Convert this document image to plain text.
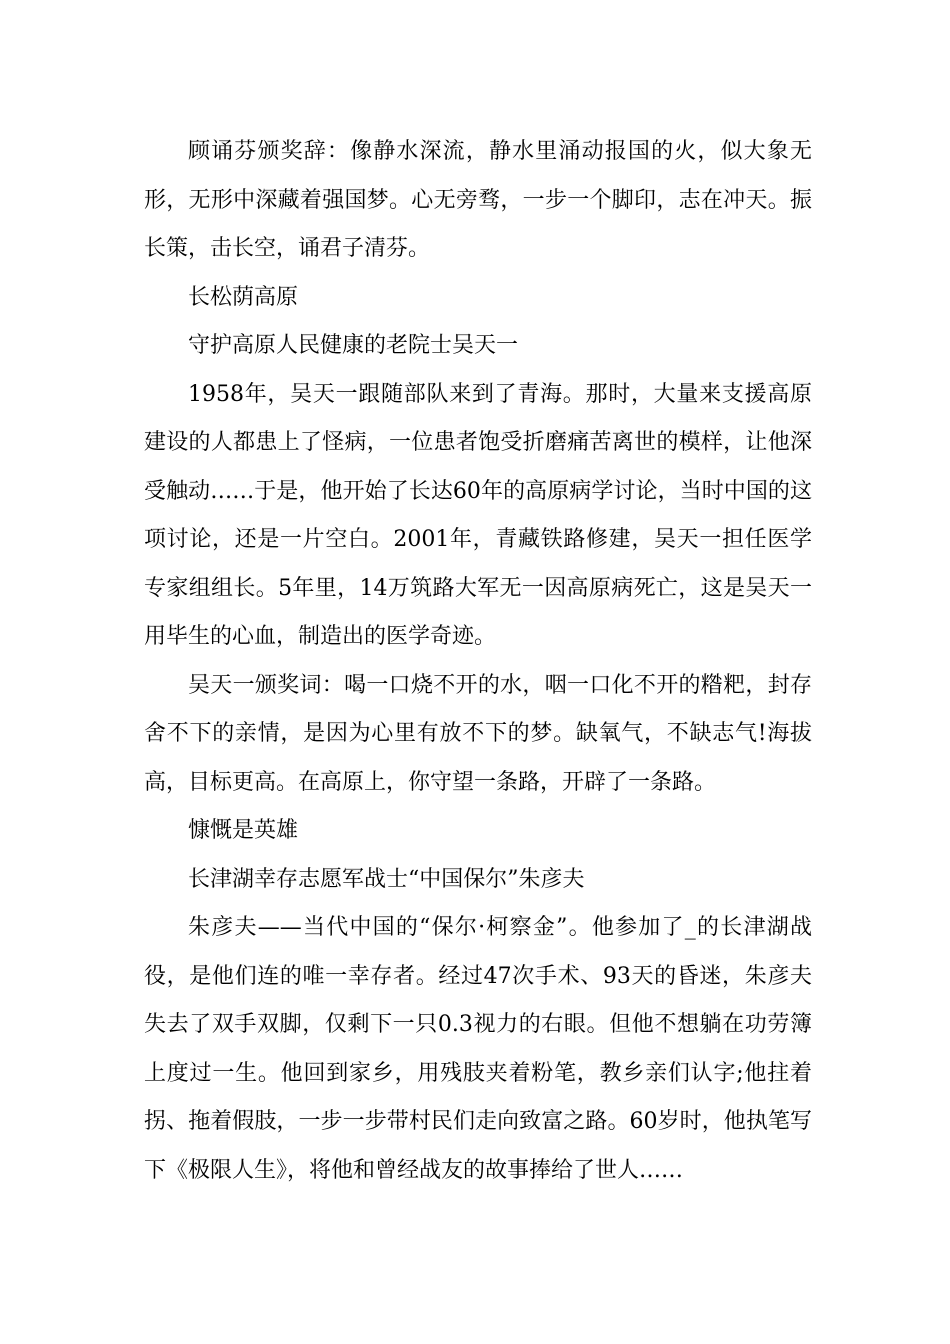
顾诵芬颁奖辞：像静水深流，静水里涌动报国的火，似大象无形，无形中深藏着强国梦。心无旁骛，一步一个脚印，志在冲天。振长策，击长空，诵君子清芬。

长松荫高原

守护高原人民健康的老院士吴天一

1958年，吴天一跟随部队来到了青海。那时，大量来支援高原建设的人都患上了怪病，一位患者饱受折磨痛苦离世的模样，让他深受触动……于是，他开始了长达60年的高原病学讨论，当时中国的这项讨论，还是一片空白。2001年，青藏铁路修建，吴天一担任医学专家组组长。5年里，14万筑路大军无一因高原病死亡，这是吴天一用毕生的心血，制造出的医学奇迹。

吴天一颁奖词：喝一口烧不开的水，咽一口化不开的糌粑，封存舍不下的亲情，是因为心里有放不下的梦。缺氧气，不缺志气!海拔高，目标更高。在高原上，你守望一条路，开辟了一条路。

慷慨是英雄

长津湖幸存志愿军战士“中国保尔”朱彦夫

朱彦夫——当代中国的“保尔·柯察金”。他参加了_的长津湖战役，是他们连的唯一幸存者。经过47次手术、93天的昏迷，朱彦夫失去了双手双脚，仅剩下一只0.3视力的右眼。但他不想躺在功劳簿上度过一生。他回到家乡，用残肢夹着粉笔，教乡亲们认字;他拄着拐、拖着假肢，一步一步带村民们走向致富之路。60岁时，他执笔写下《极限人生》，将他和曾经战友的故事捧给了世人……
